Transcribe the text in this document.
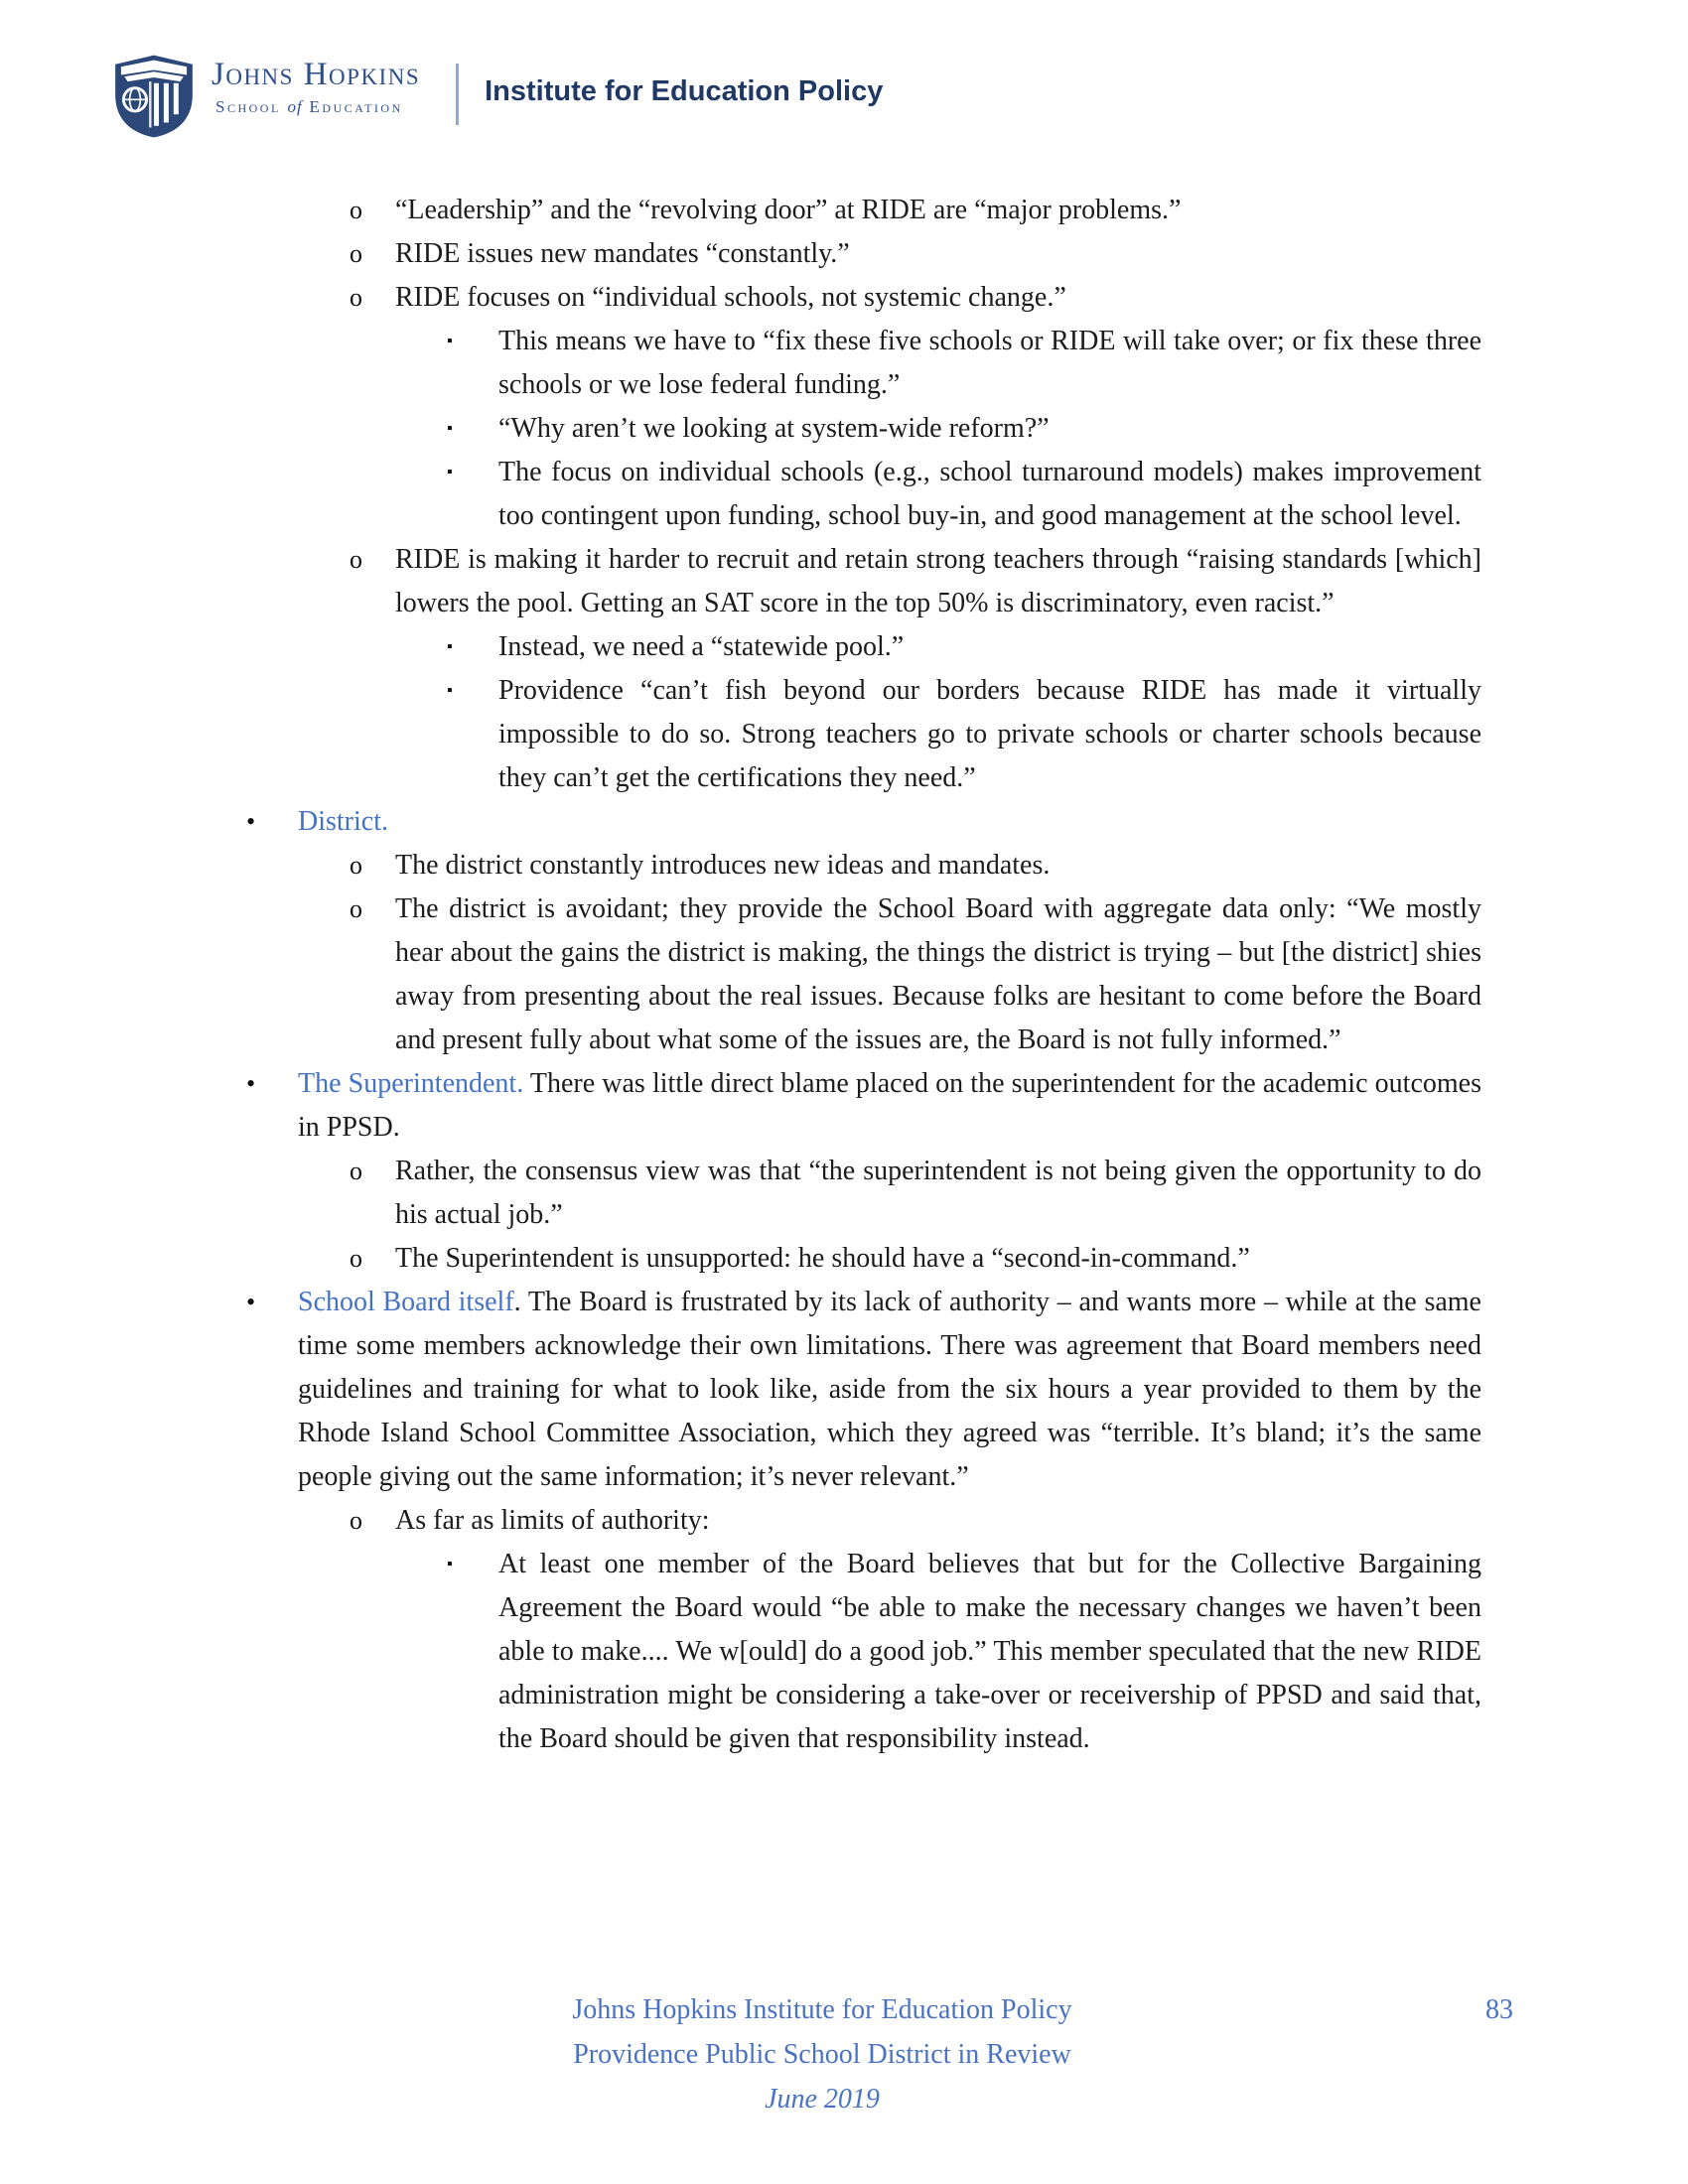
Johns Hopkins
School of Education	Institute for Education Policy
o “Leadership” and the “revolving door” at RIDE are “major problems.”
o RIDE issues new mandates “constantly.”
o RIDE focuses on “individual schools, not systemic change.”
▪ This means we have to “fix these five schools or RIDE will take over; or fix these three schools or we lose federal funding.”
▪ “Why aren’t we looking at system-wide reform?”
▪ The focus on individual schools (e.g., school turnaround models) makes improvement too contingent upon funding, school buy-in, and good management at the school level.
o RIDE is making it harder to recruit and retain strong teachers through “raising standards [which] lowers the pool. Getting an SAT score in the top 50% is discriminatory, even racist.”
▪ Instead, we need a “statewide pool.”
▪ Providence “can’t fish beyond our borders because RIDE has made it virtually impossible to do so. Strong teachers go to private schools or charter schools because they can’t get the certifications they need.”
• District.
o The district constantly introduces new ideas and mandates.
o The district is avoidant; they provide the School Board with aggregate data only: “We mostly hear about the gains the district is making, the things the district is trying – but [the district] shies away from presenting about the real issues. Because folks are hesitant to come before the Board and present fully about what some of the issues are, the Board is not fully informed.”
• The Superintendent. There was little direct blame placed on the superintendent for the academic outcomes in PPSD.
o Rather, the consensus view was that “the superintendent is not being given the opportunity to do his actual job.”
o The Superintendent is unsupported: he should have a “second-in-command.”
• School Board itself. The Board is frustrated by its lack of authority – and wants more – while at the same time some members acknowledge their own limitations. There was agreement that Board members need guidelines and training for what to look like, aside from the six hours a year provided to them by the Rhode Island School Committee Association, which they agreed was “terrible. It’s bland; it’s the same people giving out the same information; it’s never relevant.”
o As far as limits of authority:
▪ At least one member of the Board believes that but for the Collective Bargaining Agreement the Board would “be able to make the necessary changes we haven’t been able to make.... We w[ould] do a good job.” This member speculated that the new RIDE administration might be considering a take-over or receivership of PPSD and said that, the Board should be given that responsibility instead.
Johns Hopkins Institute for Education Policy
Providence Public School District in Review
June 2019
83
